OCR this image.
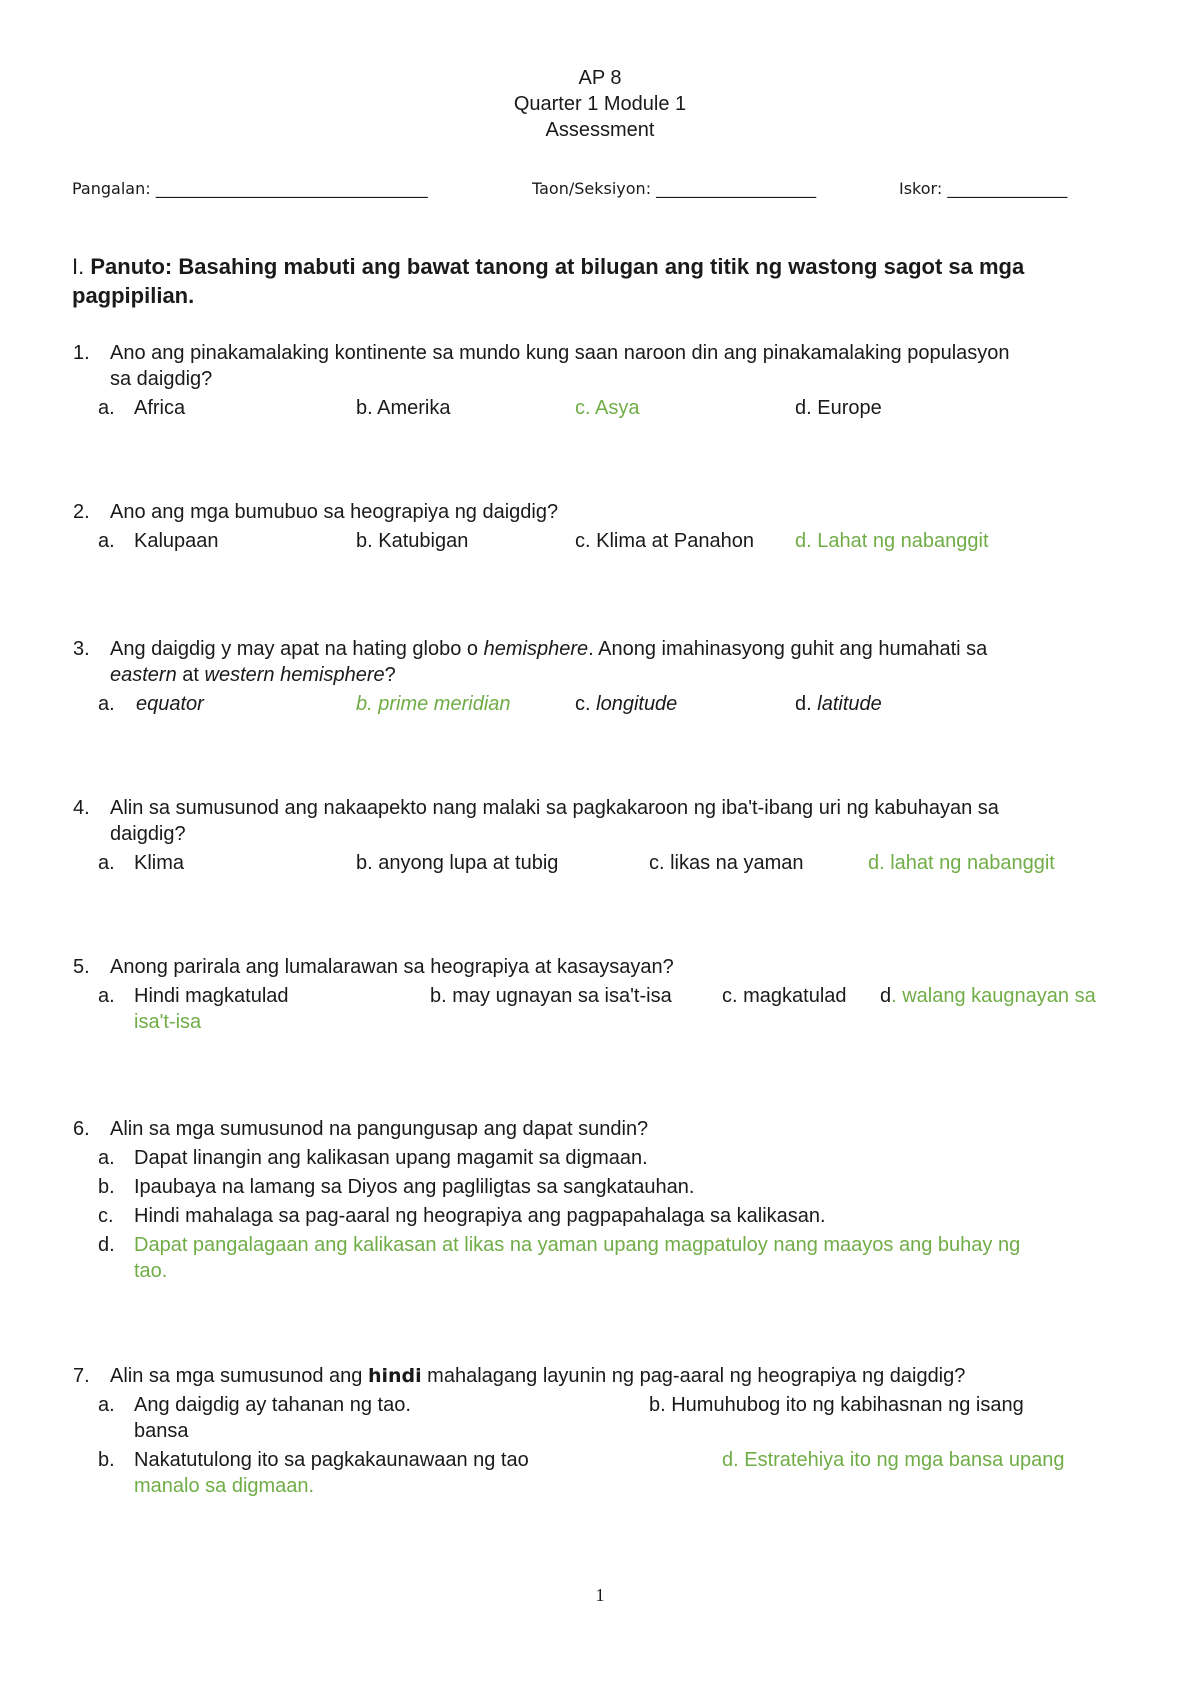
AP 8
Quarter 1 Module 1
Assessment
Pangalan: __________________________________	Taon/Seksiyon: ____________________	Iskor: _______________
I. Panuto: Basahing mabuti ang bawat tanong at bilugan ang titik ng wastong sagot sa mga
pagpipilian.
1. Ano ang pinakamalaking kontinente sa mundo kung saan naroon din ang pinakamalaking populasyon
sa daigdig?
a. Africa	b. Amerika	c. Asya	d. Europe
2. Ano ang mga bumubuo sa heograpiya ng daigdig?
a. Kalupaan	b. Katubigan	c. Klima at Panahon d. Lahat ng nabanggit
3. Ang daigdig y may apat na hating globo o hemisphere. Anong imahinasyong guhit ang humahati sa
eastern at western hemisphere?
a. equator	b. prime meridian	c. longitude	d. latitude
4. Alin sa sumusunod ang nakaapekto nang malaki sa pagkakaroon ng iba't-ibang uri ng kabuhayan sa
daigdig?
a. Klima	b. anyong lupa at tubig	c. likas na yaman	d. lahat ng nabanggit
5. Anong parirala ang lumalarawan sa heograpiya at kasaysayan?
a. Hindi magkatulad	b. may ugnayan sa isa't-isa	c. magkatulad d. walang kaugnayan sa
isa't-isa
6. Alin sa mga sumusunod na pangungusap ang dapat sundin?
a. Dapat linangin ang kalikasan upang magamit sa digmaan.
b. Ipaubaya na lamang sa Diyos ang pagliligtas sa sangkatauhan.
c. Hindi mahalaga sa pag-aaral ng heograpiya ang pagpapahalaga sa kalikasan.
d. Dapat pangalagaan ang kalikasan at likas na yaman upang magpatuloy nang maayos ang buhay ng
tao.
7. Alin sa mga sumusunod ang hindi mahalagang layunin ng pag-aaral ng heograpiya ng daigdig?
a. Ang daigdig ay tahanan ng tao.	b. Humuhubog ito ng kabihasnan ng isang
bansa
b. Nakatutulong ito sa pagkakaunawaan ng tao	d. Estratehiya ito ng mga bansa upang
manalo sa digmaan.
1
